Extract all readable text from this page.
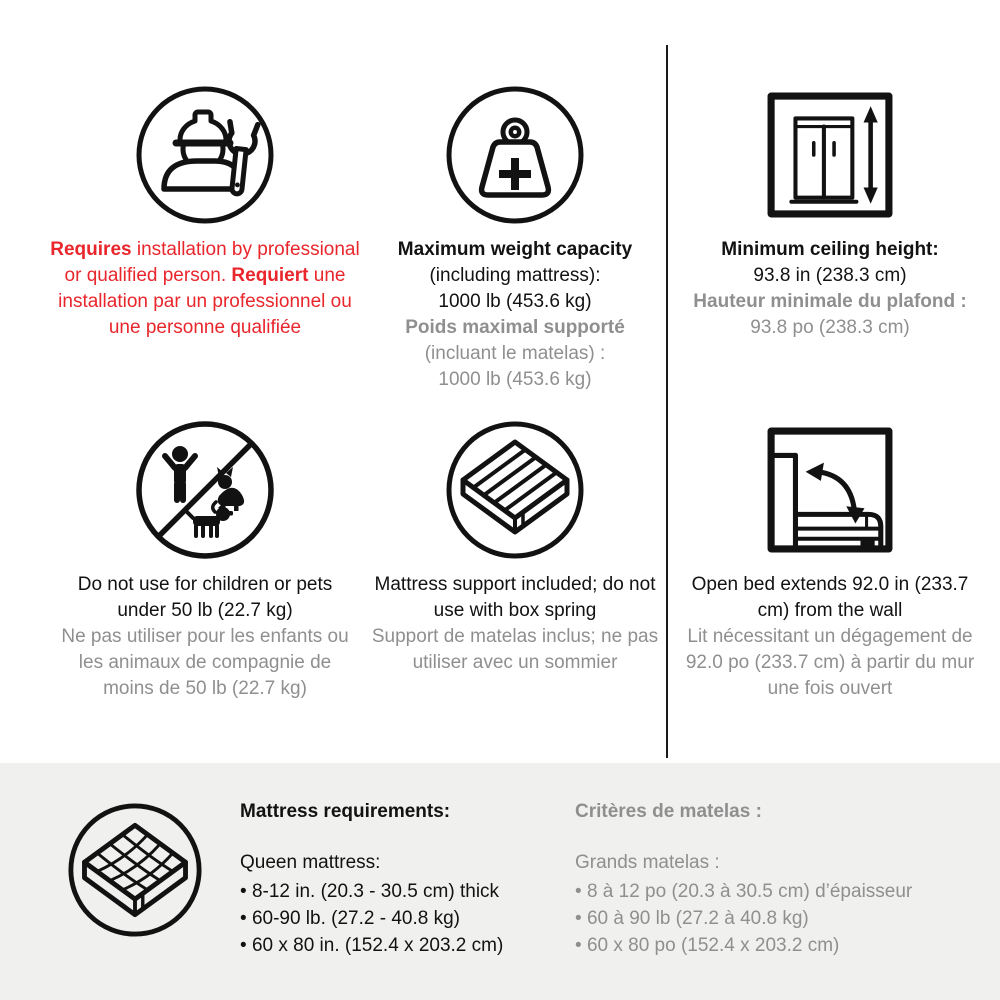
Requires installation by professional or qualified person. Requiert une installation par un professionnel ou une personne qualifiée
Maximum weight capacity
(including mattress):
1000 lb (453.6 kg)
Poids maximal supporté
(incluant le matelas) :
1000 lb (453.6 kg)
Minimum ceiling height:
93.8 in (238.3 cm)
Hauteur minimale du plafond :
93.8 po (238.3 cm)
Do not use for children or pets under 50 lb (22.7 kg)
Ne pas utiliser pour les enfants ou les animaux de compagnie de moins de 50 lb (22.7 kg)
Mattress support included; do not use with box spring
Support de matelas inclus; ne pas utiliser avec un sommier
Open bed extends 92.0 in (233.7 cm) from the wall
Lit nécessitant un dégagement de 92.0 po (233.7 cm) à partir du mur une fois ouvert

Mattress requirements:

Queen mattress:
• 8-12 in. (20.3 - 30.5 cm) thick
• 60-90 lb. (27.2 - 40.8 kg)
• 60 x 80 in. (152.4 x 203.2 cm)

Critères de matelas :

Grands matelas :
• 8 à 12 po (20.3 à 30.5 cm) d’épaisseur
• 60 à 90 lb (27.2 à 40.8 kg)
• 60 x 80 po (152.4 x 203.2 cm)
